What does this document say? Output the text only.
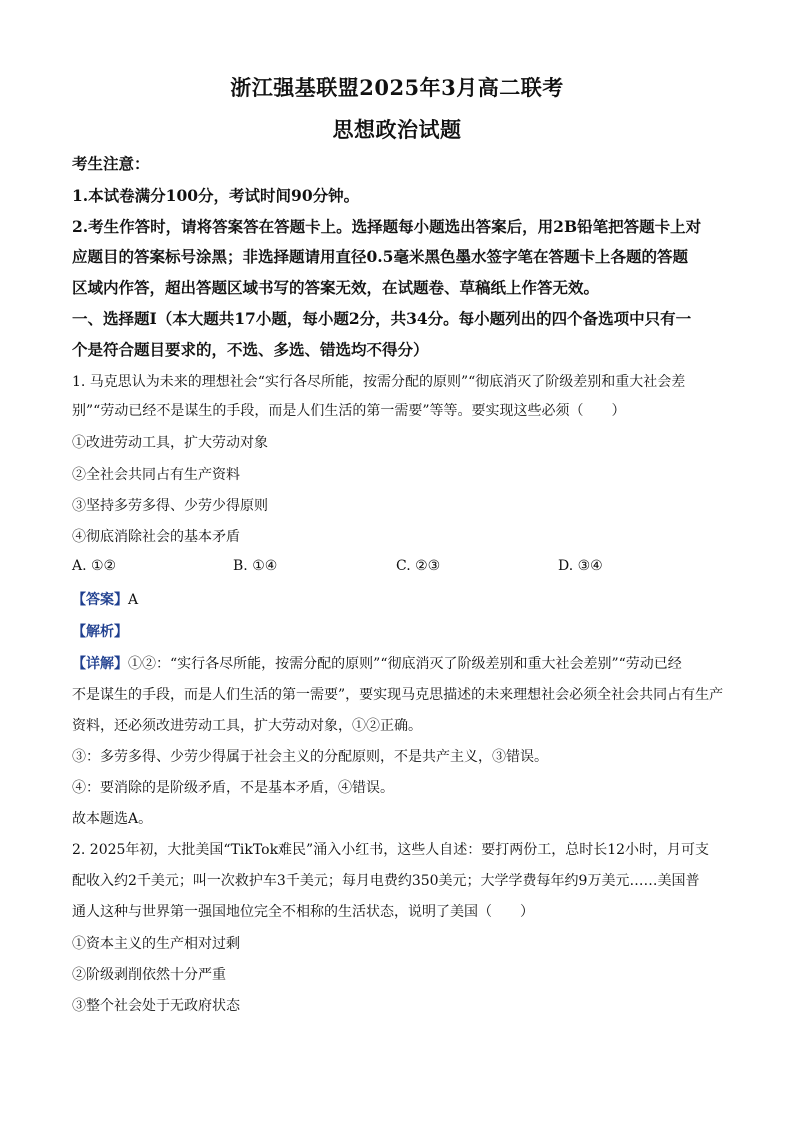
浙江强基联盟2025年3月高二联考
思想政治试题
考生注意：
1.本试卷满分100分，考试时间90分钟。
2.考生作答时，请将答案答在答题卡上。选择题每小题选出答案后，用2B铅笔把答题卡上对
应题目的答案标号涂黑；非选择题请用直径0.5毫米黑色墨水签字笔在答题卡上各题的答题
区域内作答，超出答题区域书写的答案无效，在试题卷、草稿纸上作答无效。
一、选择题Ⅰ（本大题共17小题，每小题2分，共34分。每小题列出的四个备选项中只有一
个是符合题目要求的，不选、多选、错选均不得分）
1. 马克思认为未来的理想社会“实行各尽所能，按需分配的原则”“彻底消灭了阶级差别和重大社会差
别”“劳动已经不是谋生的手段，而是人们生活的第一需要”等等。要实现这些必须（　　）
①改进劳动工具，扩大劳动对象
②全社会共同占有生产资料
③坚持多劳多得、少劳少得原则
④彻底消除社会的基本矛盾
A. ①②	B. ①④	C. ②③	D. ③④
【答案】A
【解析】
【详解】①②：“实行各尽所能，按需分配的原则”“彻底消灭了阶级差别和重大社会差别”“劳动已经
不是谋生的手段，而是人们生活的第一需要”，要实现马克思描述的未来理想社会必须全社会共同占有生产
资料，还必须改进劳动工具，扩大劳动对象，①②正确。
③：多劳多得、少劳少得属于社会主义的分配原则，不是共产主义，③错误。
④：要消除的是阶级矛盾，不是基本矛盾，④错误。
故本题选A。
2. 2025年初，大批美国“TikTok难民”涌入小红书，这些人自述：要打两份工，总时长12小时，月可支
配收入约2千美元；叫一次救护车3千美元；每月电费约350美元；大学学费每年约9万美元……美国普
通人这种与世界第一强国地位完全不相称的生活状态，说明了美国（　　）
①资本主义的生产相对过剩
②阶级剥削依然十分严重
③整个社会处于无政府状态
